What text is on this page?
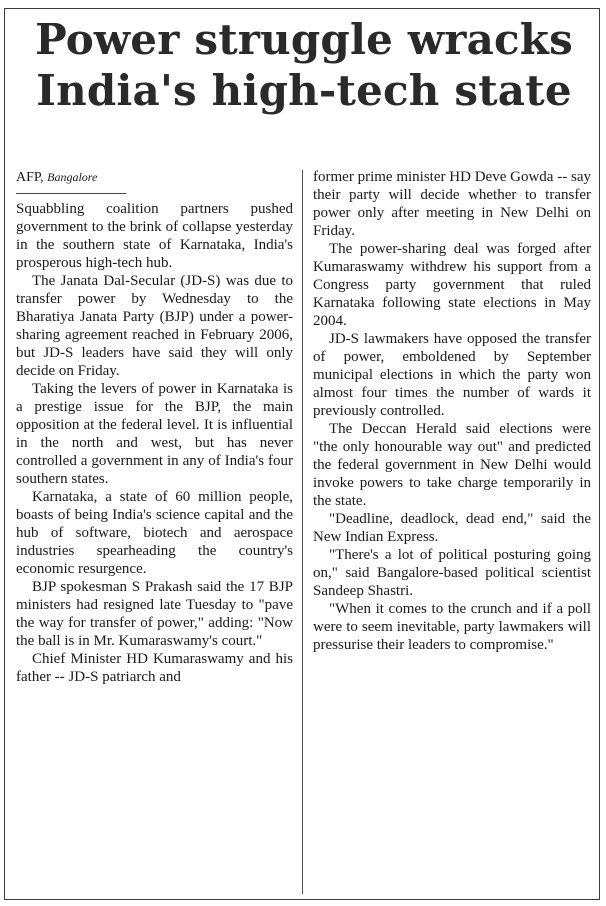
Power struggle wracks
India's high-tech state

AFP, Bangalore

Squabbling coalition partners pushed government to the brink of collapse yesterday in the southern state of Karnataka, India's prosperous high-tech hub.

The Janata Dal-Secular (JD-S) was due to transfer power by Wednesday to the Bharatiya Janata Party (BJP) under a power-sharing agreement reached in February 2006, but JD-S leaders have said they will only decide on Friday.

Taking the levers of power in Karnataka is a prestige issue for the BJP, the main opposition at the federal level. It is influential in the north and west, but has never controlled a government in any of India's four southern states.

Karnataka, a state of 60 million people, boasts of being India's science capital and the hub of software, biotech and aerospace industries spearheading the country's economic resurgence.

BJP spokesman S Prakash said the 17 BJP ministers had resigned late Tuesday to "pave the way for transfer of power," adding: "Now the ball is in Mr. Kumaraswamy's court."

Chief Minister HD Kumaraswamy and his father -- JD-S patriarch and

former prime minister HD Deve Gowda -- say their party will decide whether to transfer power only after meeting in New Delhi on Friday.

The power-sharing deal was forged after Kumaraswamy withdrew his support from a Congress party government that ruled Karnataka following state elections in May 2004.

JD-S lawmakers have opposed the transfer of power, emboldened by September municipal elections in which the party won almost four times the number of wards it previously controlled.

The Deccan Herald said elections were "the only honourable way out" and predicted the federal government in New Delhi would invoke powers to take charge temporarily in the state.

"Deadline, deadlock, dead end," said the New Indian Express.

"There's a lot of political posturing going on," said Bangalore-based political scientist Sandeep Shastri.

"When it comes to the crunch and if a poll were to seem inevitable, party lawmakers will pressurise their leaders to compromise."
